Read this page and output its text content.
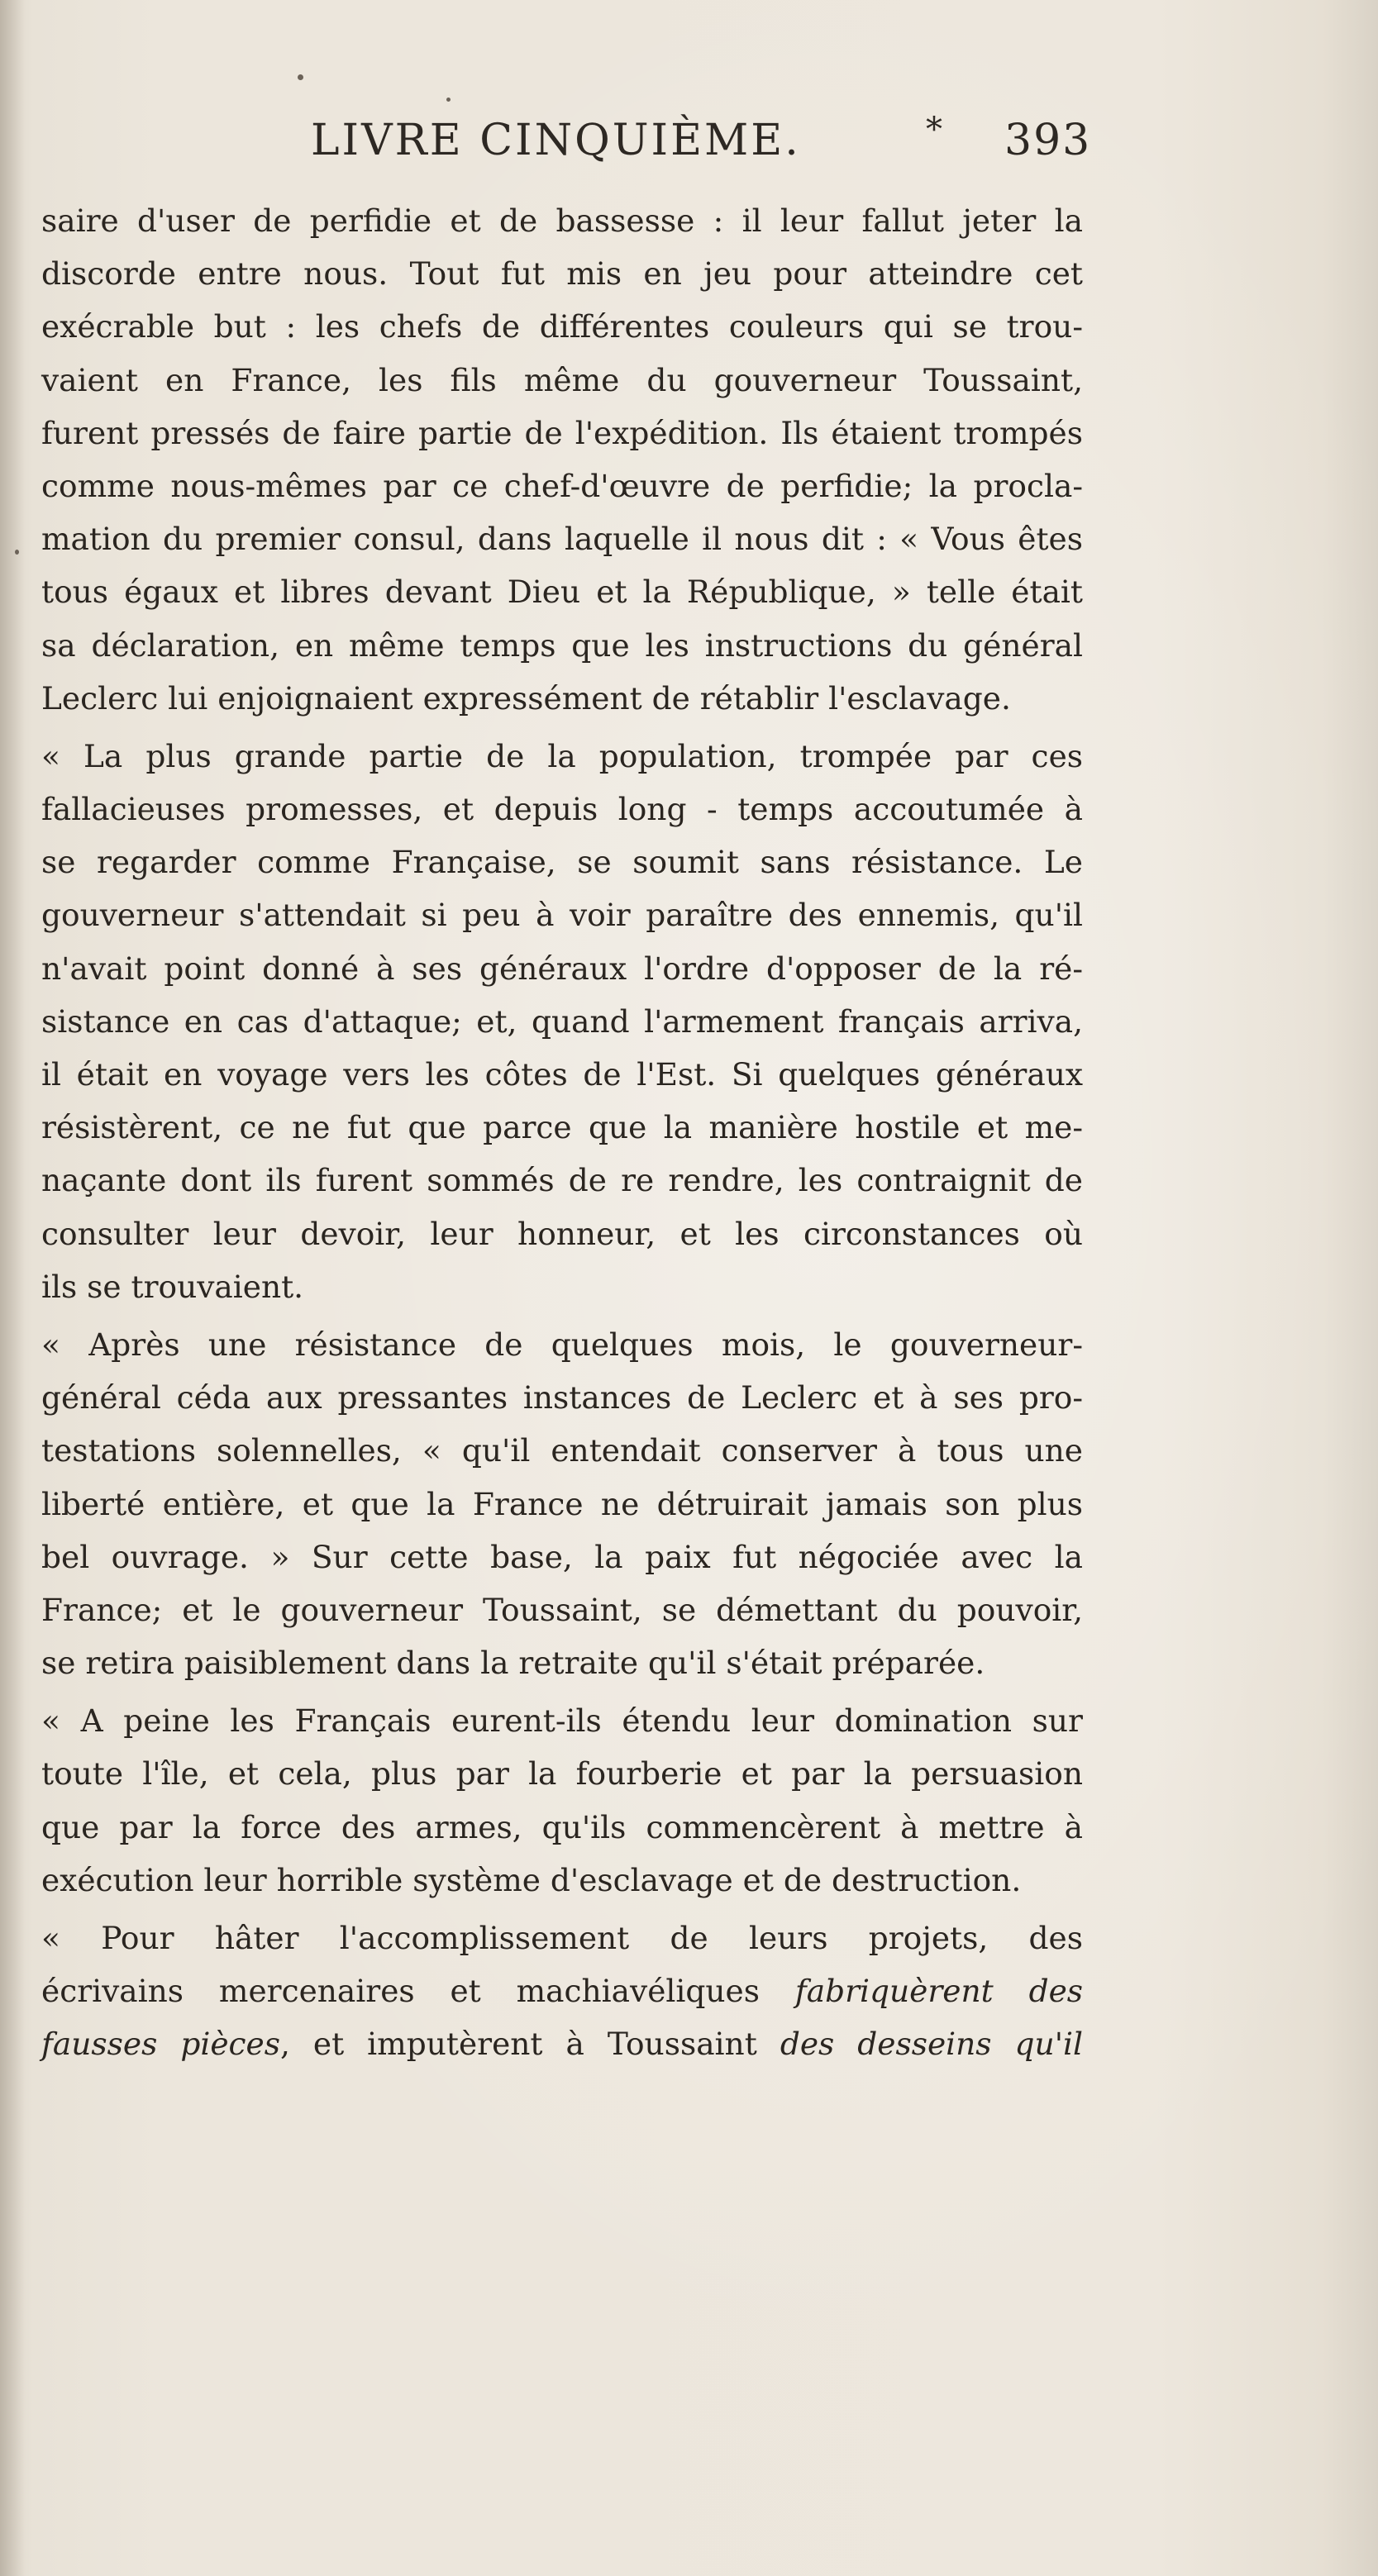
LIVRE CINQUIÈME.	* 393
saire d'user de perfidie et de bassesse : il leur fallut jeter la
discorde entre nous. Tout fut mis en jeu pour atteindre cet
exécrable but : les chefs de différentes couleurs qui se trou-
vaient en France, les fils même du gouverneur Toussaint,
furent pressés de faire partie de l'expédition. Ils étaient trompés
comme nous-mêmes par ce chef-d'œuvre de perfidie; la procla-
mation du premier consul, dans laquelle il nous dit : « Vous êtes
tous égaux et libres devant Dieu et la République, » telle était
sa déclaration, en même temps que les instructions du général
Leclerc lui enjoignaient expressément de rétablir l'esclavage.
« La plus grande partie de la population, trompée par ces
fallacieuses promesses, et depuis long - temps accoutumée à
se regarder comme Française, se soumit sans résistance. Le
gouverneur s'attendait si peu à voir paraître des ennemis, qu'il
n'avait point donné à ses généraux l'ordre d'opposer de la ré-
sistance en cas d'attaque; et, quand l'armement français arriva,
il était en voyage vers les côtes de l'Est. Si quelques généraux
résistèrent, ce ne fut que parce que la manière hostile et me-
naçante dont ils furent sommés de re rendre, les contraignit de
consulter leur devoir, leur honneur, et les circonstances où
ils se trouvaient.
« Après une résistance de quelques mois, le gouverneur-
général céda aux pressantes instances de Leclerc et à ses pro-
testations solennelles, « qu'il entendait conserver à tous une
liberté entière, et que la France ne détruirait jamais son plus
bel ouvrage. » Sur cette base, la paix fut négociée avec la
France; et le gouverneur Toussaint, se démettant du pouvoir,
se retira paisiblement dans la retraite qu'il s'était préparée.
« A peine les Français eurent-ils étendu leur domination sur
toute l'île, et cela, plus par la fourberie et par la persuasion
que par la force des armes, qu'ils commencèrent à mettre à
exécution leur horrible système d'esclavage et de destruction.
« Pour hâter l'accomplissement de leurs projets, des
écrivains mercenaires et machiavéliques fabriquèrent des
fausses pièces, et imputèrent à Toussaint des desseins qu'il
